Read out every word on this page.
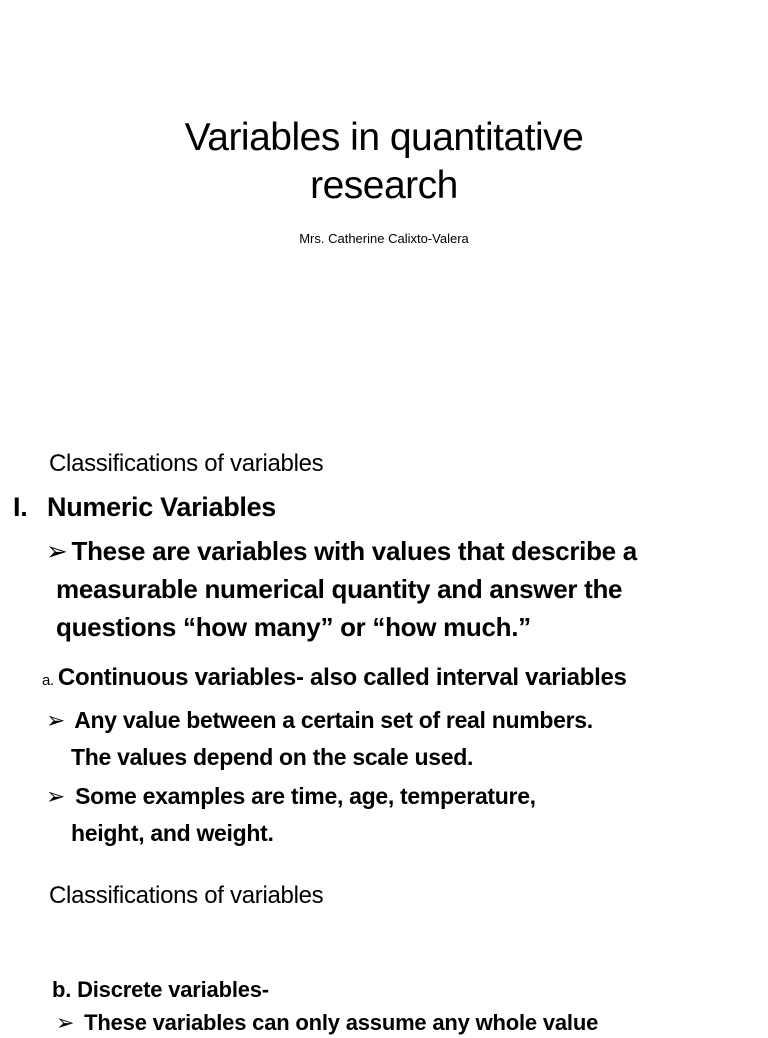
Variables in quantitative
research
Mrs. Catherine Calixto-Valera
Classifications of variables
I. Numeric Variables
➢ These are variables with values that describe a
measurable numerical quantity and answer the
questions “how many” or “how much.”
a. Continuous variables- also called interval variables
➢ Any value between a certain set of real numbers.
The values depend on the scale used.
➢ Some examples are time, age, temperature,
height, and weight.
Classifications of variables
b. Discrete variables-
➢ These variables can only assume any whole value
